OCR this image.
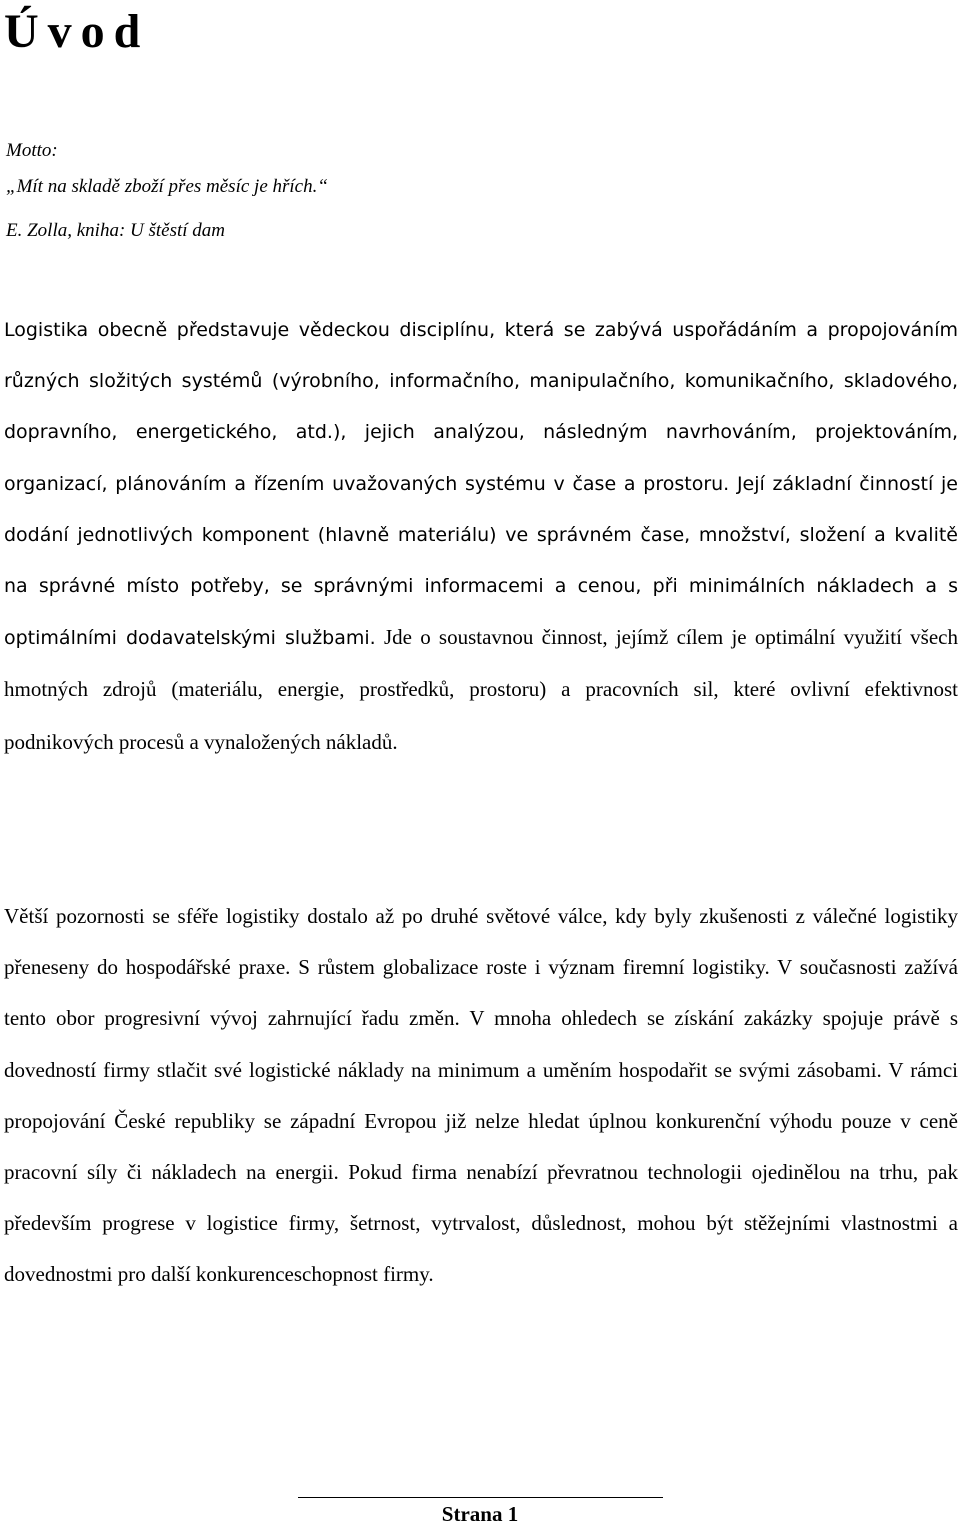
Úvod
Motto:
„Mít na skladě zboží přes měsíc je hřích.“
E. Zolla, kniha: U štěstí dam

Logistika obecně představuje vědeckou disciplínu, která se zabývá uspořádáním a propojováním různých složitých systémů (výrobního, informačního, manipulačního, komunikačního, skladového, dopravního, energetického, atd.), jejich analýzou, následným navrhováním, projektováním, organizací, plánováním a řízením uvažovaných systému v čase a prostoru. Její základní činností je dodání jednotlivých komponent (hlavně materiálu) ve správném čase, množství, složení a kvalitě na správné místo potřeby, se správnými informacemi a cenou, při minimálních nákladech a s optimálními dodavatelskými službami. Jde o soustavnou činnost, jejímž cílem je optimální využití všech hmotných zdrojů (materiálu, energie, prostředků, prostoru) a pracovních sil, které ovlivní efektivnost podnikových procesů a vynaložených nákladů.

Větší pozornosti se sféře logistiky dostalo až po druhé světové válce, kdy byly zkušenosti z válečné logistiky přeneseny do hospodářské praxe. S růstem globalizace roste i význam firemní logistiky. V současnosti zažívá tento obor progresivní vývoj zahrnující řadu změn. V mnoha ohledech se získání zakázky spojuje právě s dovedností firmy stlačit své logistické náklady na minimum a uměním hospodařit se svými zásobami. V rámci propojování České republiky se západní Evropou již nelze hledat úplnou konkurenční výhodu pouze v ceně pracovní síly či nákladech na energii. Pokud firma nenabízí převratnou technologii ojedinělou na trhu, pak především progrese v logistice firmy, šetrnost, vytrvalost, důslednost, mohou být stěžejními vlastnostmi a dovednostmi pro další konkurenceschopnost firmy.

Strana 1
